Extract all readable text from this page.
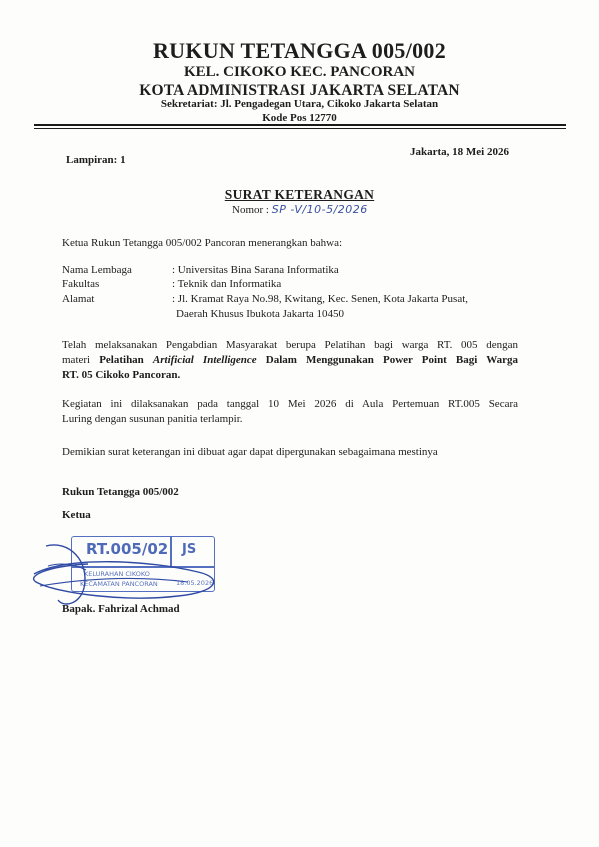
RUKUN TETANGGA 005/002
KEL. CIKOKO KEC. PANCORAN
KOTA ADMINISTRASI JAKARTA SELATAN
Sekretariat: Jl. Pengadegan Utara, Cikoko Jakarta Selatan
Kode Pos 12770
Jakarta, 18 Mei 2026
Lampiran: 1
SURAT KETERANGAN
Nomor : SP -V/10-5/2026
Ketua Rukun Tetangga 005/002 Pancoran menerangkan bahwa:
Nama Lembaga	: Universitas Bina Sarana Informatika
Fakultas	: Teknik dan Informatika
Alamat	: Jl. Kramat Raya No.98, Kwitang, Kec. Senen, Kota Jakarta Pusat,
Daerah Khusus Ibukota Jakarta 10450
Telah melaksanakan Pengabdian Masyarakat berupa Pelatihan bagi warga RT. 005 dengan
materi Pelatihan Artificial Intelligence Dalam Menggunakan Power Point Bagi Warga
RT. 05 Cikoko Pancoran.
Kegiatan ini dilaksanakan pada tanggal 10 Mei 2026 di Aula Pertemuan RT.005 Secara
Luring dengan susunan panitia terlampir.
Demikian surat keterangan ini dibuat agar dapat dipergunakan sebagaimana mestinya
Rukun Tetangga 005/002
Ketua
RT.005/02 JS
KELURAHAN CIKOKO
KECAMATAN PANCORAN	18.05.2026
Bapak. Fahrizal Achmad
